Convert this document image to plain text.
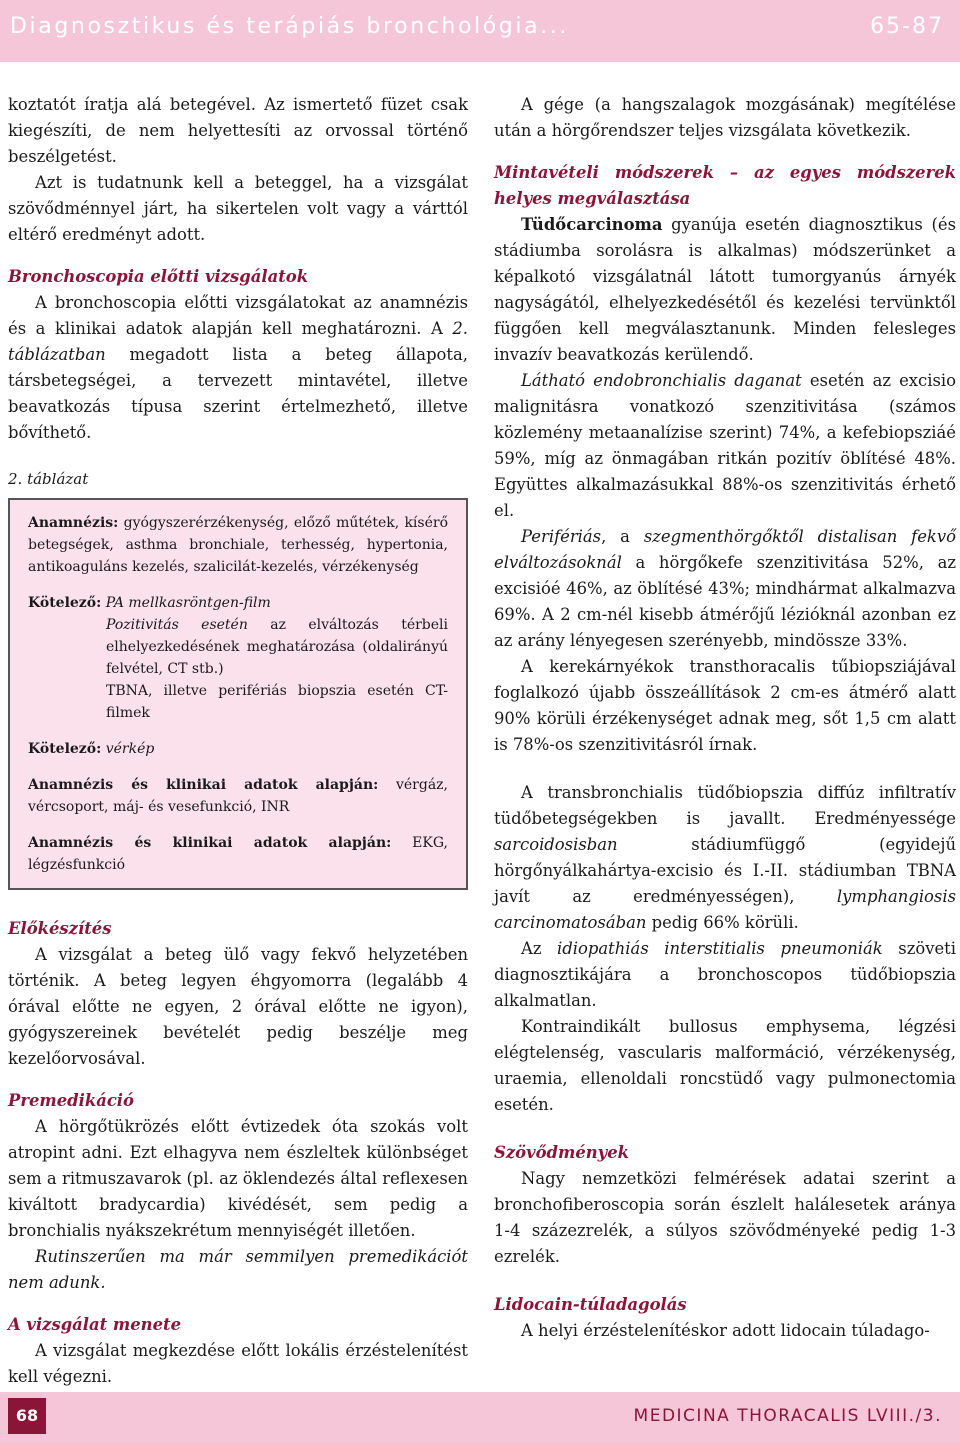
Diagnosztikus és terápiás bronchológia...	65-87

koztatót íratja alá betegével. Az ismertető füzet csak kiegészíti, de nem helyettesíti az orvossal történő beszélgetést.

Azt is tudatnunk kell a beteggel, ha a vizsgálat szövődménnyel járt, ha sikertelen volt vagy a várttól eltérő eredményt adott.

Bronchoscopia előtti vizsgálatok

A bronchoscopia előtti vizsgálatokat az anamnézis és a klinikai adatok alapján kell meghatározni. A 2. táblázatban megadott lista a beteg állapota, társbetegségei, a tervezett mintavétel, illetve beavatkozás típusa szerint értelmezhető, illetve bővíthető.

2. táblázat

Anamnézis: gyógyszerérzékenység, előző műtétek, kísérő betegségek, asthma bronchiale, terhesség, hypertonia, antikoaguláns kezelés, szalicilát-kezelés, vérzékenység

Kötelező: PA mellkasröntgen-film

Pozitivitás esetén az elváltozás térbeli elhelyezkedésének meghatározása (oldalirányú felvétel, CT stb.)

TBNA, illetve perifériás biopszia esetén CT-filmek

Kötelező: vérkép

Anamnézis és klinikai adatok alapján: vérgáz, vércsoport, máj- és vesefunkció, INR

Anamnézis és klinikai adatok alapján: EKG, légzésfunkció

Előkészítés

A vizsgálat a beteg ülő vagy fekvő helyzetében történik. A beteg legyen éhgyomorra (legalább 4 órával előtte ne egyen, 2 órával előtte ne igyon), gyógyszereinek bevételét pedig beszélje meg kezelőorvosával.

Premedikáció

A hörgőtükrözés előtt évtizedek óta szokás volt atropint adni. Ezt elhagyva nem észleltek különbséget sem a ritmuszavarok (pl. az öklendezés által reflexesen kiváltott bradycardia) kivédését, sem pedig a bronchialis nyákszekrétum mennyiségét illetően.

Rutinszerűen ma már semmilyen premedikációt nem adunk.

A vizsgálat menete

A vizsgálat megkezdése előtt lokális érzéstelenítést kell végezni.

A gége (a hangszalagok mozgásának) megítélése után a hörgőrendszer teljes vizsgálata következik.

Mintavételi módszerek – az egyes módszerek helyes megválasztása

Tüdőcarcinoma gyanúja esetén diagnosztikus (és stádiumba sorolásra is alkalmas) módszerünket a képalkotó vizsgálatnál látott tumorgyanús árnyék nagyságától, elhelyezkedésétől és kezelési tervünktől függően kell megválasztanunk. Minden felesleges invazív beavatkozás kerülendő.

Látható endobronchialis daganat esetén az excisio malignitásra vonatkozó szenzitivitása (számos közlemény metaanalízise szerint) 74%, a kefebiopsziáé 59%, míg az önmagában ritkán pozitív öblítésé 48%. Együttes alkalmazásukkal 88%-os szenzitivitás érhető el.

Perifériás, a szegmenthörgőktől distalisan fekvő elváltozásoknál a hörgőkefe szenzitivitása 52%, az excisióé 46%, az öblítésé 43%; mindhármat alkalmazva 69%. A 2 cm-nél kisebb átmérőjű lézióknál azonban ez az arány lényegesen szerényebb, mindössze 33%.

A kerekárnyékok transthoracalis tűbiopsziájával foglalkozó újabb összeállítások 2 cm-es átmérő alatt 90% körüli érzékenységet adnak meg, sőt 1,5 cm alatt is 78%-os szenzitivitásról írnak.

A transbronchialis tüdőbiopszia diffúz infiltratív tüdőbetegségekben is javallt. Eredményessége sarcoidosisban stádiumfüggő (egyidejű hörgőnyálkahártya-excisio és I.-II. stádiumban TBNA javít az eredményességen), lymphangiosis carcinomatosában pedig 66% körüli.

Az idiopathiás interstitialis pneumoniák szöveti diagnosztikájára a bronchoscopos tüdőbiopszia alkalmatlan.

Kontraindikált bullosus emphysema, légzési elégtelenség, vascularis malformáció, vérzékenység, uraemia, ellenoldali roncstüdő vagy pulmonectomia esetén.

Szövődmények

Nagy nemzetközi felmérések adatai szerint a bronchofiberoscopia során észlelt halálesetek aránya 1-4 százezrelék, a súlyos szövődményeké pedig 1-3 ezrelék.

Lidocain-túladagolás

A helyi érzéstelenítéskor adott lidocain túladago-

68	MEDICINA THORACALIS LVIII./3.
